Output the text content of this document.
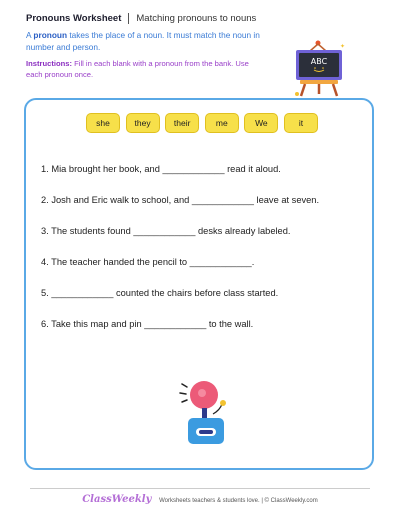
Pronouns Worksheet Matching pronouns to nouns
A pronoun takes the place of a noun. It must match the noun in number and person.
Instructions: Fill in each blank with a pronoun from the bank. Use each pronoun once.
✦
ABC
she	they	their	me	We	it
1. Mia brought her book, and ____________ read it aloud.
2. Josh and Eric walk to school, and ____________ leave at seven.
3. The students found ____________ desks already labeled.
4. The teacher handed the pencil to ____________.
5. ____________ counted the chairs before class started.
6. Take this map and pin ____________ to the wall.
ClassWeekly Worksheets teachers & students love. | © ClassWeekly.com
